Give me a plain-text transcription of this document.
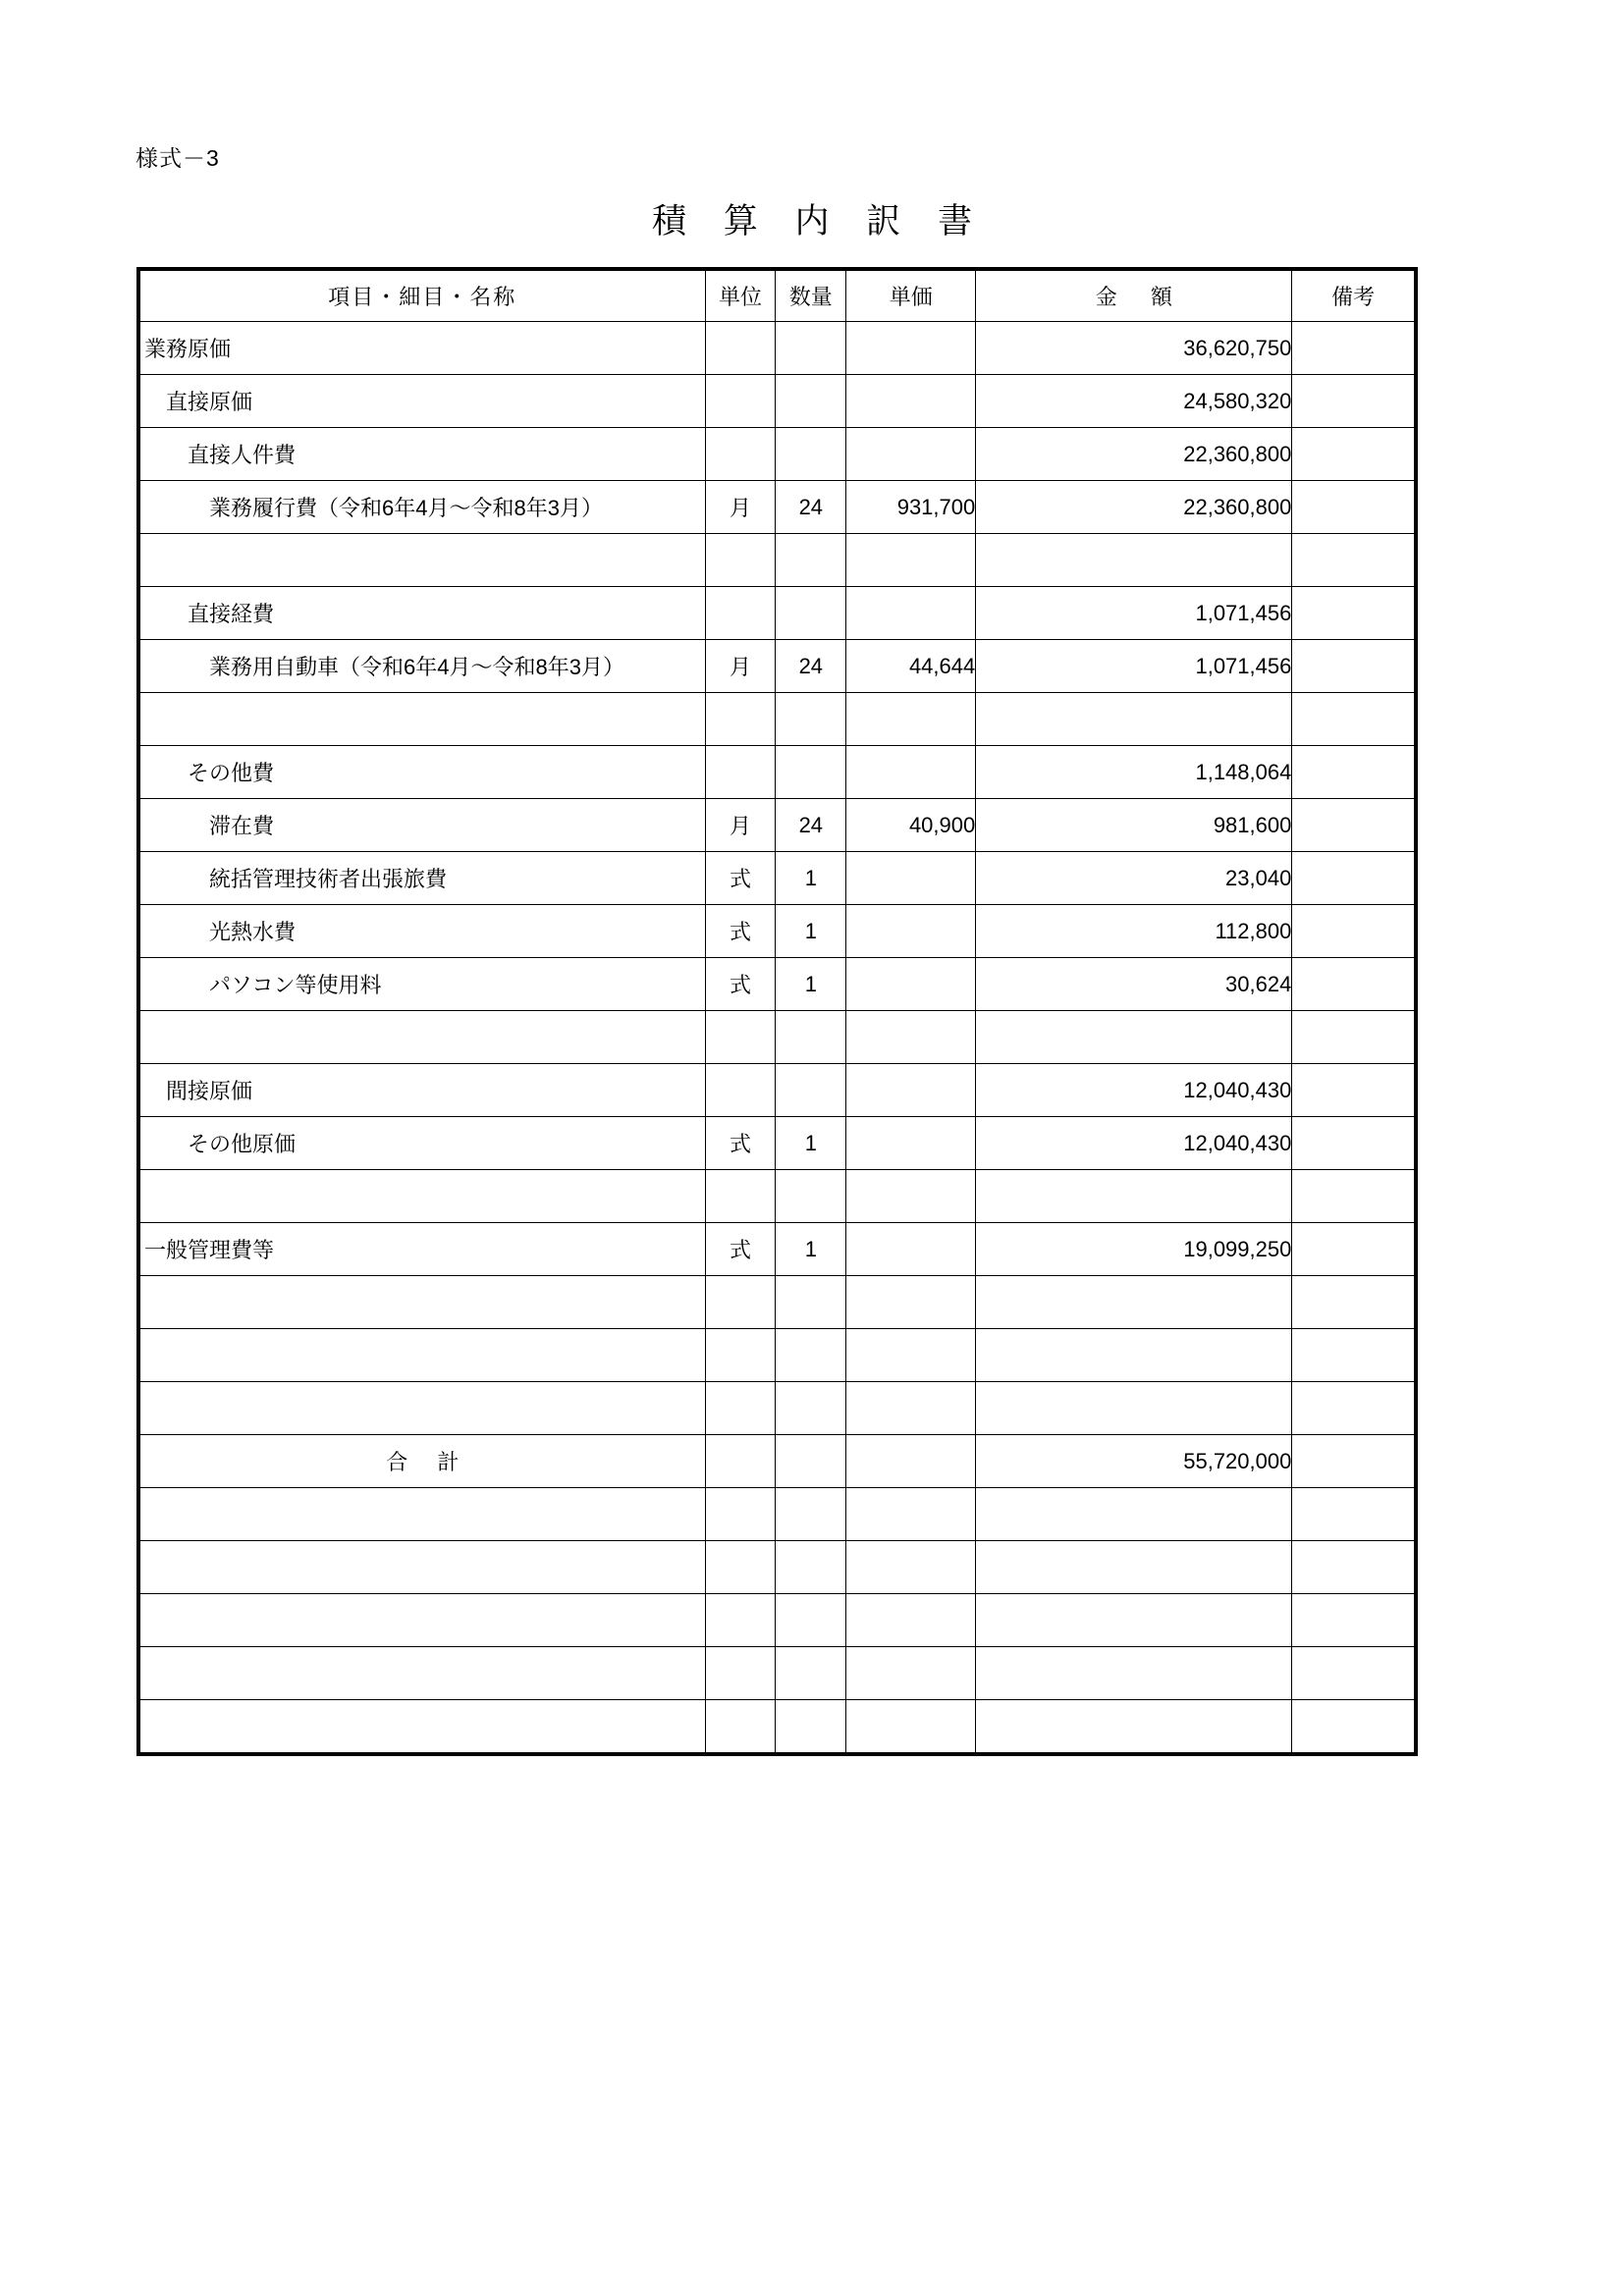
様式－3
積 算 内 訳 書
項目・細目・名称	単位	数量	単価	金 額	備考
業務原価				36,620,750	
直接原価				24,580,320	
直接人件費				22,360,800	
業務履行費（令和6年4月～令和8年3月）	月	24	931,700	22,360,800	

直接経費				1,071,456	
業務用自動車（令和6年4月～令和8年3月）	月	24	44,644	1,071,456	

その他費				1,148,064	
滞在費	月	24	40,900	981,600	
統括管理技術者出張旅費	式	1		23,040	
光熱水費	式	1		112,800	
パソコン等使用料	式	1		30,624	

間接原価				12,040,430	
その他原価	式	1		12,040,430	

一般管理費等	式	1		19,099,250	

合 計				55,720,000	
